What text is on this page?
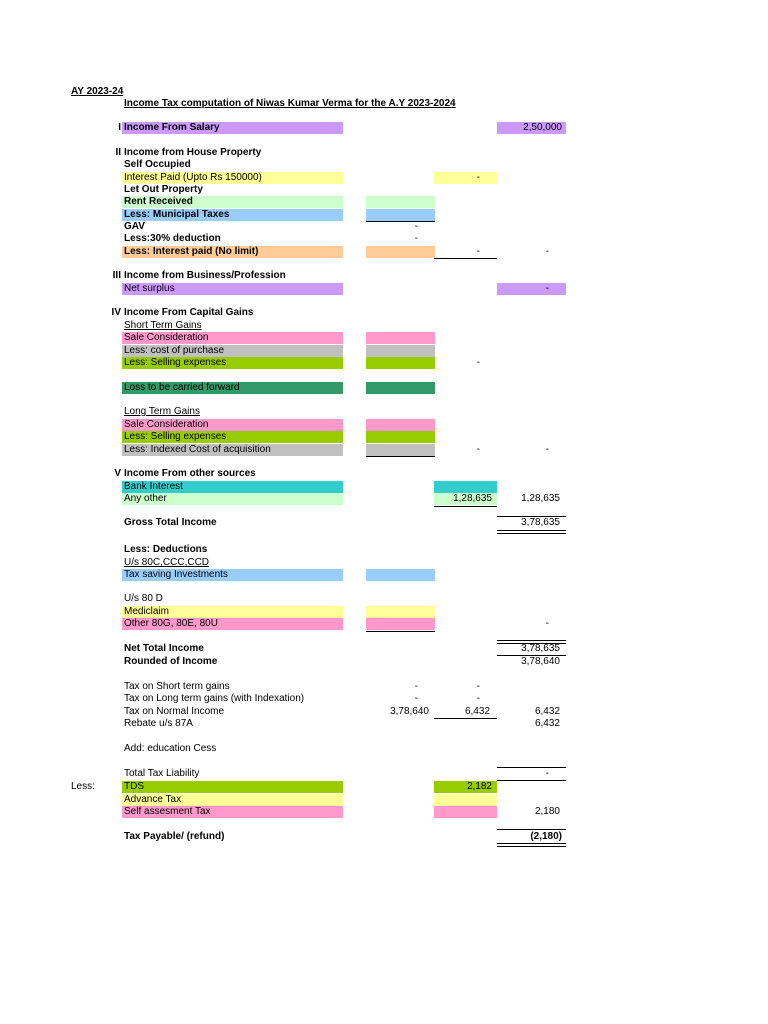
AY 2023-24
Income Tax computation of Niwas Kumar Verma for the A.Y 2023-2024
I Income From Salary	2,50,000
II Income from House Property
Self Occupied
Interest Paid (Upto Rs 150000)	-
Let Out Property
Rent Received
Less: Municipal Taxes
GAV	-
Less:30% deduction	-
Less: Interest paid (No limit)	-	-
III Income from Business/Profession
Net surplus	-
IV Income From Capital Gains
Short Term Gains
Sale Consideration
Less: cost of purchase
Less: Selling expenses	-
Loss to be carried forward
Long Term Gains
Sale Consideration
Less: Selling expenses
Less: Indexed Cost of acquisition	-	-
V Income From other sources
Bank Interest
Any other	1,28,635	1,28,635
Gross Total Income	3,78,635
Less: Deductions
U/s 80C,CCC,CCD
Tax saving Investments
U/s 80 D
Mediclaim
Other 80G, 80E, 80U	-
Net Total Income	3,78,635
Rounded of Income	3,78,640
Tax on Short term gains	-	-
Tax on Long term gains (with Indexation)	-	-
Tax on Normal Income	3,78,640	6,432	6,432
Rebate u/s 87A	6,432
Add: education Cess
Total Tax Liability	-
Less:	TDS	2,182
Advance Tax
Self assesment Tax	2,180
Tax Payable/ (refund)	(2,180)
